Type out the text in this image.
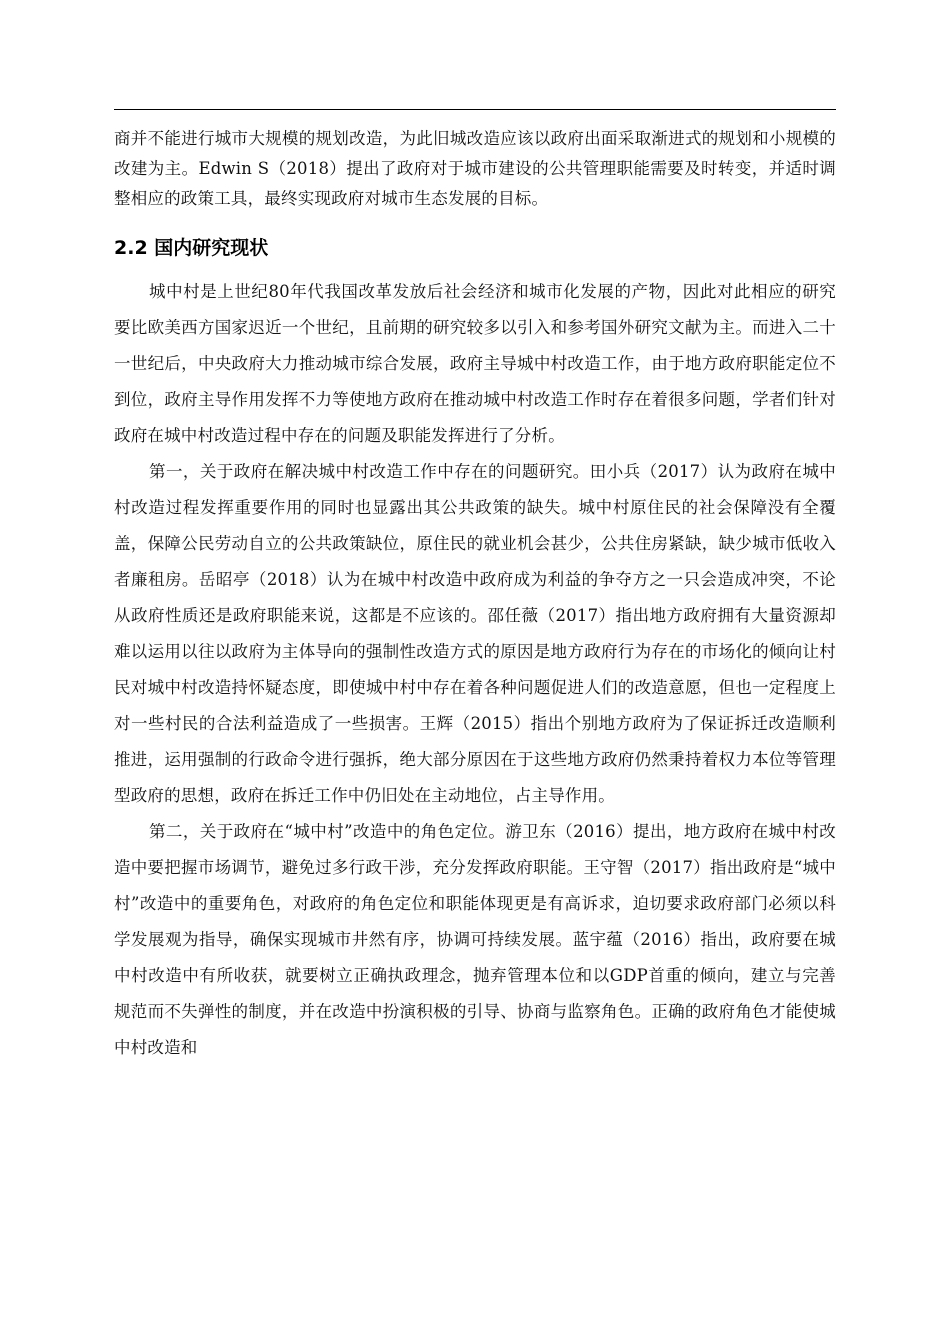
商并不能进行城市大规模的规划改造，为此旧城改造应该以政府出面采取渐进式的规划和小规模的改建为主。Edwin S（2018）提出了政府对于城市建设的公共管理职能需要及时转变，并适时调整相应的政策工具，最终实现政府对城市生态发展的目标。

2.2 国内研究现状

城中村是上世纪80年代我国改革发放后社会经济和城市化发展的产物，因此对此相应的研究要比欧美西方国家迟近一个世纪，且前期的研究较多以引入和参考国外研究文献为主。而进入二十一世纪后，中央政府大力推动城市综合发展，政府主导城中村改造工作，由于地方政府职能定位不到位，政府主导作用发挥不力等使地方政府在推动城中村改造工作时存在着很多问题，学者们针对政府在城中村改造过程中存在的问题及职能发挥进行了分析。

第一，关于政府在解决城中村改造工作中存在的问题研究。田小兵（2017）认为政府在城中村改造过程发挥重要作用的同时也显露出其公共政策的缺失。城中村原住民的社会保障没有全覆盖，保障公民劳动自立的公共政策缺位，原住民的就业机会甚少，公共住房紧缺，缺少城市低收入者廉租房。岳昭亭（2018）认为在城中村改造中政府成为利益的争夺方之一只会造成冲突，不论从政府性质还是政府职能来说，这都是不应该的。邵任薇（2017）指出地方政府拥有大量资源却难以运用以往以政府为主体导向的强制性改造方式的原因是地方政府行为存在的市场化的倾向让村民对城中村改造持怀疑态度，即使城中村中存在着各种问题促进人们的改造意愿，但也一定程度上对一些村民的合法利益造成了一些损害。王辉（2015）指出个别地方政府为了保证拆迁改造顺利推进，运用强制的行政命令进行强拆，绝大部分原因在于这些地方政府仍然秉持着权力本位等管理型政府的思想，政府在拆迁工作中仍旧处在主动地位，占主导作用。

第二，关于政府在“城中村”改造中的角色定位。游卫东（2016）提出，地方政府在城中村改造中要把握市场调节，避免过多行政干涉，充分发挥政府职能。王守智（2017）指出政府是“城中村”改造中的重要角色，对政府的角色定位和职能体现更是有高诉求，迫切要求政府部门必须以科学发展观为指导，确保实现城市井然有序，协调可持续发展。蓝宇蕴（2016）指出，政府要在城中村改造中有所收获，就要树立正确执政理念，抛弃管理本位和以GDP首重的倾向，建立与完善规范而不失弹性的制度，并在改造中扮演积极的引导、协商与监察角色。正确的政府角色才能使城中村改造和
